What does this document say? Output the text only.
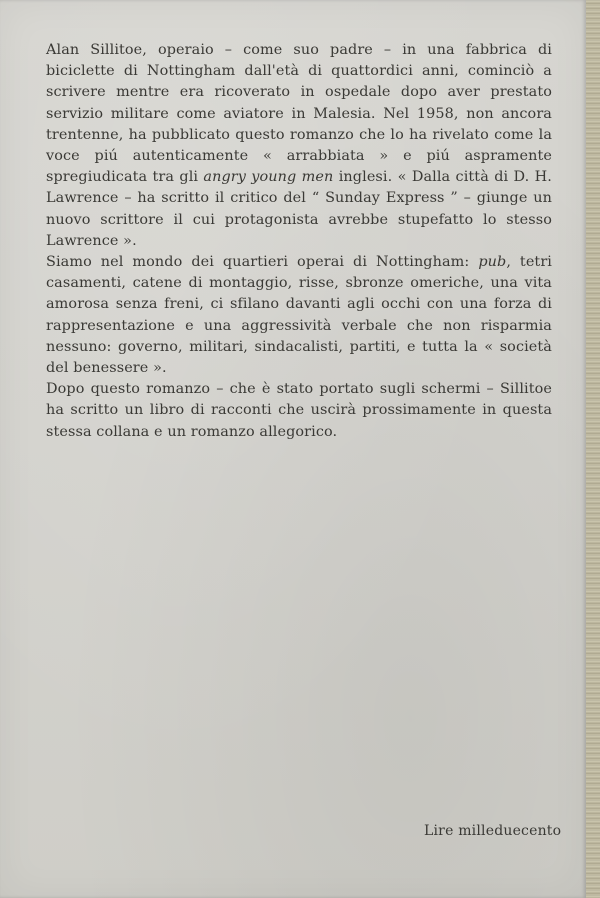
Alan Sillitoe, operaio – come suo padre – in una fabbrica di biciclette di Nottingham dall'età di quattordici anni, cominciò a scrivere mentre era ricoverato in ospedale dopo aver prestato servizio militare come aviatore in Malesia. Nel 1958, non ancora trentenne, ha pubblicato questo romanzo che lo ha rivelato come la voce piú autenticamente « arrabbiata » e piú aspramente spregiudicata tra gli angry young men inglesi. « Dalla città di D. H. Lawrence – ha scritto il critico del “ Sunday Express ” – giunge un nuovo scrittore il cui protagonista avrebbe stupefatto lo stesso Lawrence ».

Siamo nel mondo dei quartieri operai di Nottingham: pub, tetri casamenti, catene di montaggio, risse, sbronze omeriche, una vita amorosa senza freni, ci sfilano davanti agli occhi con una forza di rappresentazione e una aggressività verbale che non risparmia nessuno: governo, militari, sindacalisti, partiti, e tutta la « società del benessere ».

Dopo questo romanzo – che è stato portato sugli schermi – Sillitoe ha scritto un libro di racconti che uscirà prossimamente in questa stessa collana e un romanzo allegorico.

Lire milleduecento
